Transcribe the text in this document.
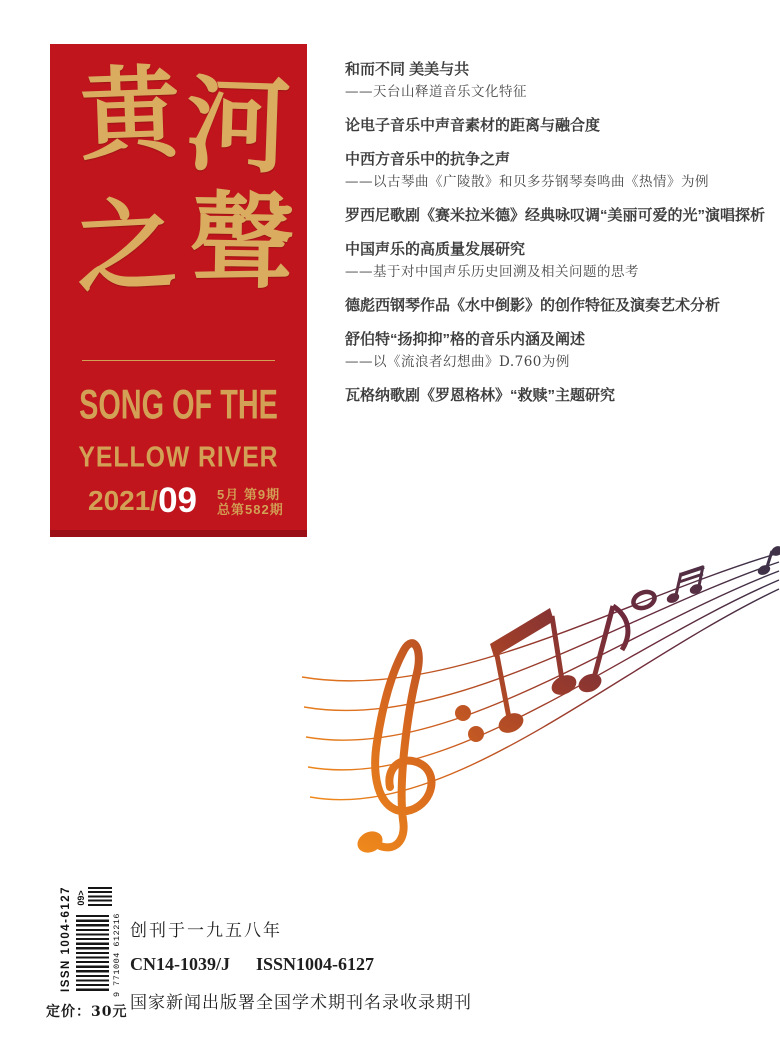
黄 河
之 聲
SONG OF THE
YELLOW RIVER
2021/ 09 5月 第9期
总第582期
和而不同 美美与共
——天台山释道音乐文化特征
论电子音乐中声音素材的距离与融合度
中西方音乐中的抗争之声
——以古琴曲《广陵散》和贝多芬钢琴奏鸣曲《热情》为例
罗西尼歌剧《赛米拉米德》经典咏叹调“美丽可爱的光”演唱探析
中国声乐的高质量发展研究
——基于对中国声乐历史回溯及相关问题的思考
德彪西钢琴作品《水中倒影》的创作特征及演奏艺术分析
舒伯特“扬抑抑”格的音乐内涵及阐述
——以《流浪者幻想曲》D.760为例
瓦格纳歌剧《罗恩格林》“救赎”主题研究
ISSN 1004-6127 09>
9 771004 612216
定价：30元
创刊于一九五八年
CN14-1039/J ISSN1004-6127
国家新闻出版署全国学术期刊名录收录期刊
